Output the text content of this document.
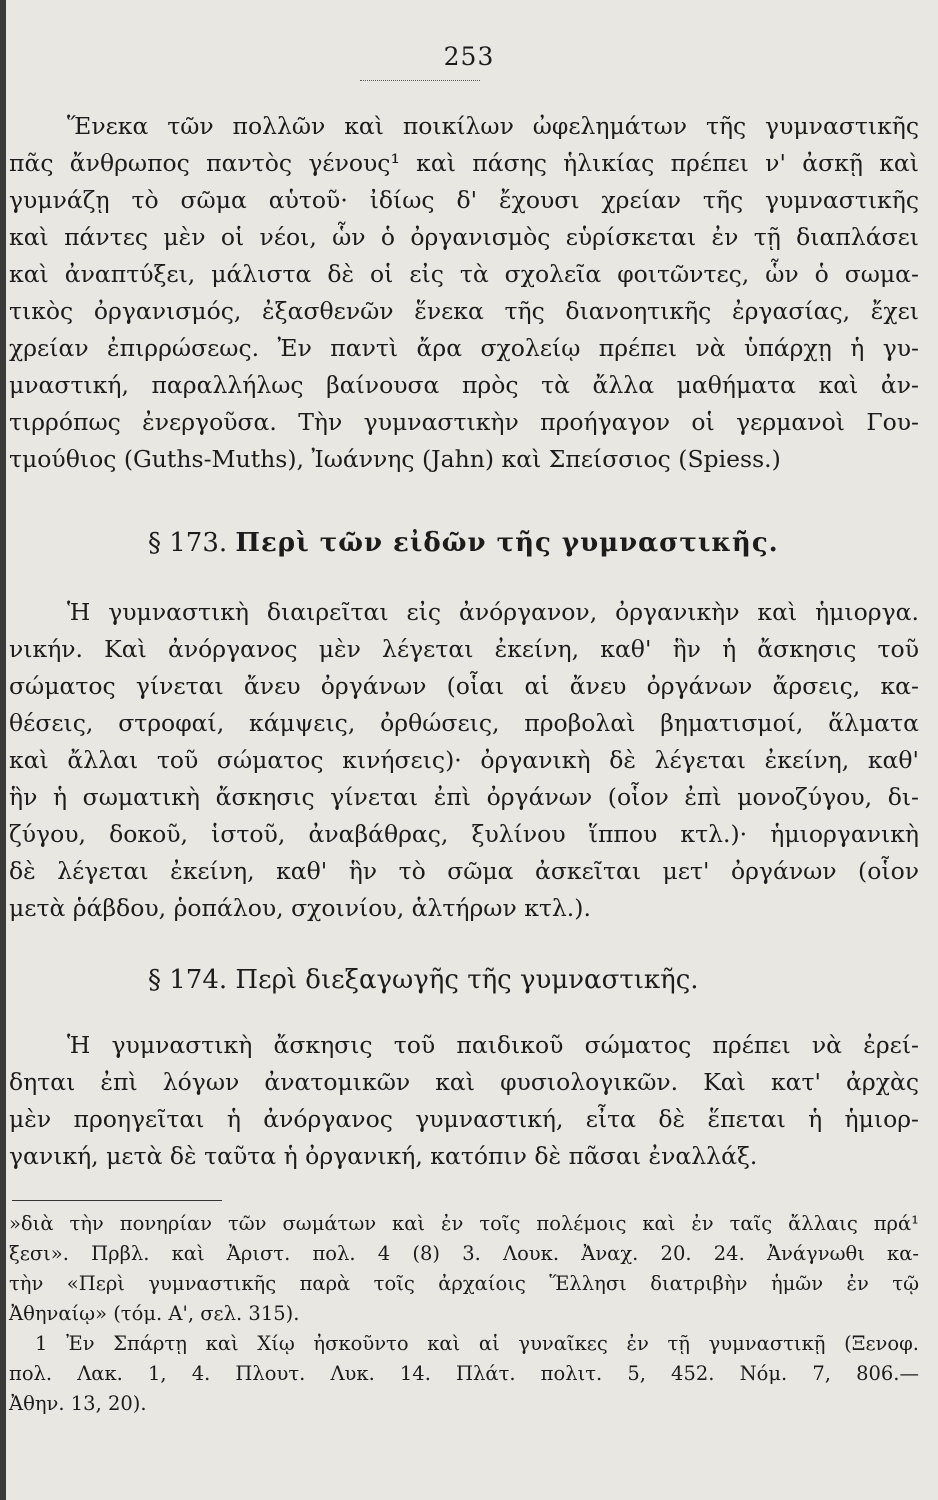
253
Ἕνεκα τῶν πολλῶν καὶ ποικίλων ὠφελημάτων τῆς γυμναστικῆς
πᾶς ἄνθρωπος παντὸς γένους¹ καὶ πάσης ἡλικίας πρέπει ν' ἀσκῇ καὶ
γυμνάζῃ τὸ σῶμα αὑτοῦ· ἰδίως δ' ἔχουσι χρείαν τῆς γυμναστικῆς
καὶ πάντες μὲν οἱ νέοι, ὧν ὁ ὀργανισμὸς εὑρίσκεται ἐν τῇ διαπλάσει
καὶ ἀναπτύξει, μάλιστα δὲ οἱ εἰς τὰ σχολεῖα φοιτῶντες, ὧν ὁ σωμα-
τικὸς ὀργανισμός, ἐξασθενῶν ἕνεκα τῆς διανοητικῆς ἐργασίας, ἔχει
χρείαν ἐπιρρώσεως. Ἐν παντὶ ἄρα σχολείῳ πρέπει νὰ ὑπάρχῃ ἡ γυ-
μναστική, παραλλήλως βαίνουσα πρὸς τὰ ἄλλα μαθήματα καὶ ἀν-
τιρρόπως ἐνεργοῦσα. Τὴν γυμναστικὴν προήγαγον οἱ γερμανοὶ Γου-
τμούθιος (Guths-Muths), Ἰωάννης (Jahn) καὶ Σπείσσιος (Spiess.)
§ 173. Περὶ τῶν εἰδῶν τῆς γυμναστικῆς.
Ἡ γυμναστικὴ διαιρεῖται εἰς ἀνόργανον, ὀργανικὴν καὶ ἡμιοργα.
νικήν. Καὶ ἀνόργανος μὲν λέγεται ἐκείνη, καθ' ἣν ἡ ἄσκησις τοῦ
σώματος γίνεται ἄνευ ὀργάνων (οἷαι αἱ ἄνευ ὀργάνων ἄρσεις, κα-
θέσεις, στροφαί, κάμψεις, ὀρθώσεις, προβολαὶ βηματισμοί, ἅλματα
καὶ ἄλλαι τοῦ σώματος κινήσεις)· ὀργανικὴ δὲ λέγεται ἐκείνη, καθ'
ἣν ἡ σωματικὴ ἄσκησις γίνεται ἐπὶ ὀργάνων (οἷον ἐπὶ μονοζύγου, δι-
ζύγου, δοκοῦ, ἱστοῦ, ἀναβάθρας, ξυλίνου ἵππου κτλ.)· ἡμιοργανικὴ
δὲ λέγεται ἐκείνη, καθ' ἣν τὸ σῶμα ἀσκεῖται μετ' ὀργάνων (οἷον
μετὰ ῥάβδου, ῥοπάλου, σχοινίου, ἁλτήρων κτλ.).
§ 174. Περὶ διεξαγωγῆς τῆς γυμναστικῆς.
Ἡ γυμναστικὴ ἄσκησις τοῦ παιδικοῦ σώματος πρέπει νὰ ἐρεί-
δηται ἐπὶ λόγων ἀνατομικῶν καὶ φυσιολογικῶν. Καὶ κατ' ἀρχὰς
μὲν προηγεῖται ἡ ἀνόργανος γυμναστική, εἶτα δὲ ἕπεται ἡ ἡμιορ-
γανική, μετὰ δὲ ταῦτα ἡ ὀργανική, κατόπιν δὲ πᾶσαι ἐναλλάξ.
»διὰ τὴν πονηρίαν τῶν σωμάτων καὶ ἐν τοῖς πολέμοις καὶ ἐν ταῖς ἄλλαις πρά¹
ξεσι». Πρβλ. καὶ Ἀριστ. πολ. 4 (8) 3. Λουκ. Ἀναχ. 20. 24. Ἀνάγνωθι κα-
τὴν «Περὶ γυμναστικῆς παρὰ τοῖς ἀρχαίοις Ἕλλησι διατριβὴν ἡμῶν ἐν τῷ
Ἀθηναίῳ» (τόμ. Α', σελ. 315).
1 Ἐν Σπάρτῃ καὶ Χίῳ ἠσκοῦντο καὶ αἱ γυναῖκες ἐν τῇ γυμναστικῇ (Ξενοφ.
πολ. Λακ. 1, 4. Πλουτ. Λυκ. 14. Πλάτ. πολιτ. 5, 452. Νόμ. 7, 806.—
Ἀθην. 13, 20).
